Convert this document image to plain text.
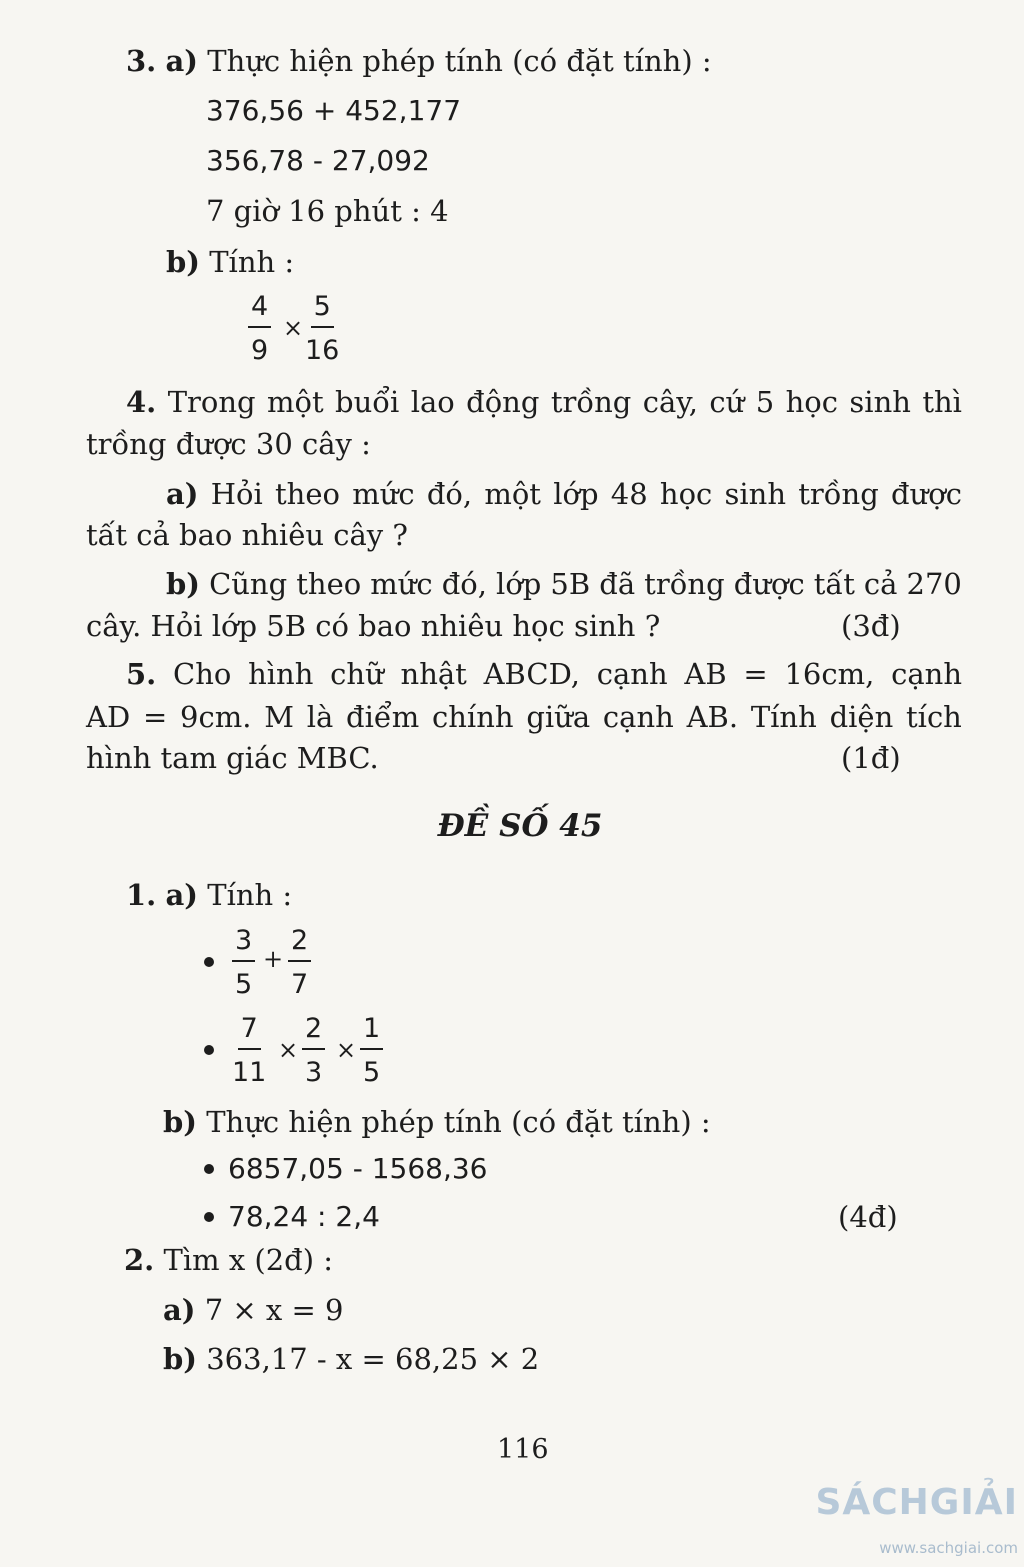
3. a) Thực hiện phép tính (có đặt tính) :
376,56 + 452,177
356,78 - 27,092
7 giờ 16 phút : 4
b) Tính :
$\frac{4}{9} \times \frac{5}{16}$
4. Trong một buổi lao động trồng cây, cứ 5 học sinh thì
trồng được 30 cây :
a) Hỏi theo mức đó, một lớp 48 học sinh trồng được
tất cả bao nhiêu cây ?
b) Cũng theo mức đó, lớp 5B đã trồng được tất cả 270
cây. Hỏi lớp 5B có bao nhiêu học sinh ?	(3đ)
5. Cho hình chữ nhật ABCD, cạnh AB = 16cm, cạnh
AD = 9cm. M là điểm chính giữa cạnh AB. Tính diện tích
hình tam giác MBC.	(1đ)
ĐỀ SỐ 45
1. a) Tính :
$\frac{3}{5} + \frac{2}{7}$
$\frac{7}{11} \times \frac{2}{3} \times \frac{1}{5}$
b) Thực hiện phép tính (có đặt tính) :
6857,05 - 1568,36
78,24 : 2,4	(4đ)
2. Tìm x (2đ) :
a) 7 × x = 9
b) 363,17 - x = 68,25 × 2
116
SÁCHGIẢI
www.sachgiai.com
